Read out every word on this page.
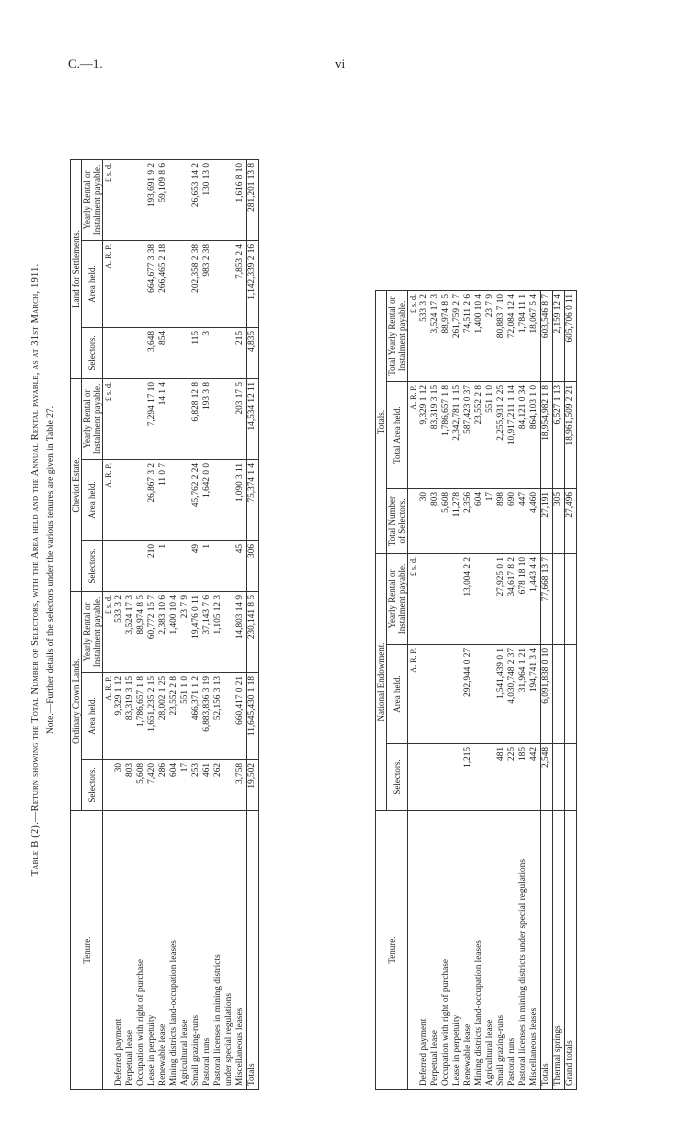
C.—1.	vi
Table B (2).—Return showing the Total Number of Selectors, with the Area held and the Annual Rental payable, as at 31st March, 1911. Note.—Further details of the selectors under the various tenures are given in Table 27.
Tenure.	Ordinary Crown Lands.			Cheviot Estate.			Land for Settlements.		
	Selectors.	Area held.	Yearly Rental or Instalment payable.	Selectors.	Area held.	Yearly Rental or Instalment payable.	Selectors.	Area held.	Yearly Rental or Instalment payable.
		A. R. P.	£ s. d.		A. R. P.	£ s. d.		A. R. P.	£ s. d.
Deferred payment	30	9,329 1 12	533 3 2						
Perpetual lease	803	83,319 3 15	3,524 17 3						
Occupation with right of purchase	5,608	1,786,657 1 8	88,974 8 5						
Lease in perpetuity	7,420	1,651,235 2 15	60,772 15 7	210	26,867 3 2	7,294 17 10	3,648	664,677 3 38	193,691 9 2
Renewable lease	286	28,002 1 25	2,383 10 6	1	11 0 7	14 1 4	854	266,465 2 18	59,109 8 6
Mining districts land-occupation leases	604	23,552 2 8	1,400 10 4						
Agricultural lease	17	551 1 0	23 7 9						
Small grazing-runs	253	466,371 1 2	19,476 0 11	49	45,762 2 24	6,828 12 8	115	202,358 2 38	26,653 14 2
Pastoral runs	461	6,883,836 3 19	37,143 7 6	1	1,642 0 0	193 3 8	3	983 2 38	130 13 0
Pastoral licenses in mining districts	262	52,156 3 13	1,105 12 3						
under special regulations									
Miscellaneous leases	3,758	660,417 0 21	14,803 14 9	45	1,090 3 11	203 17 5	215	7,853 2 4	1,616 8 10
Totals	19,502	11,645,430 1 18	230,141 8 5	306	75,374 1 4	14,534 12 11	4,835	1,142,339 2 16	281,201 13 8
Tenure.	National Endowment.			Totals.		
	Selectors.	Area held.	Yearly Rental or Instalment payable.	Total Number of Selectors.	Total Area held.	Total Yearly Rental or Instalment payable.
		A. R. P.	£ s. d.		A. R. P.	£ s. d.
Deferred payment				30	9,329 1 12	533 3 2
Perpetual lease				803	83,319 3 15	3,524 17 3
Occupation with right of purchase				5,608	1,786,657 1 8	88,974 8 5
Lease in perpetuity				11,278	2,342,781 1 15	261,759 2 7
Renewable lease	1,215	292,944 0 27	13,004 2 2	2,356	587,423 0 37	74,511 2 6
Mining districts land-occupation leases				604	23,552 2 8	1,400 10 4
Agricultural lease				17	551 1 0	23 7 9
Small grazing-runs	481	1,541,439 0 1	27,925 0 1	898	2,255,931 2 25	80,883 7 10
Pastoral runs	225	4,030,748 2 37	34,617 8 2	690	10,917,211 1 14	72,084 12 4
Pastoral licenses in mining districts under special regulations	185	31,964 1 21	678 18 10	447	84,121 0 34	1,784 11 1
Miscellaneous leases	442	194,741 3 4	1,443 4 4	4,460	864,103 1 0	18,067 5 4
Totals	2,548	6,091,838 0 10	77,668 13 7	27,191	18,954,982 1 8	603,546 8 7
Thermal springs				305	6,527 1 13	2,159 12 4
Grand totals				27,496	18,961,509 2 21	605,706 0 11
